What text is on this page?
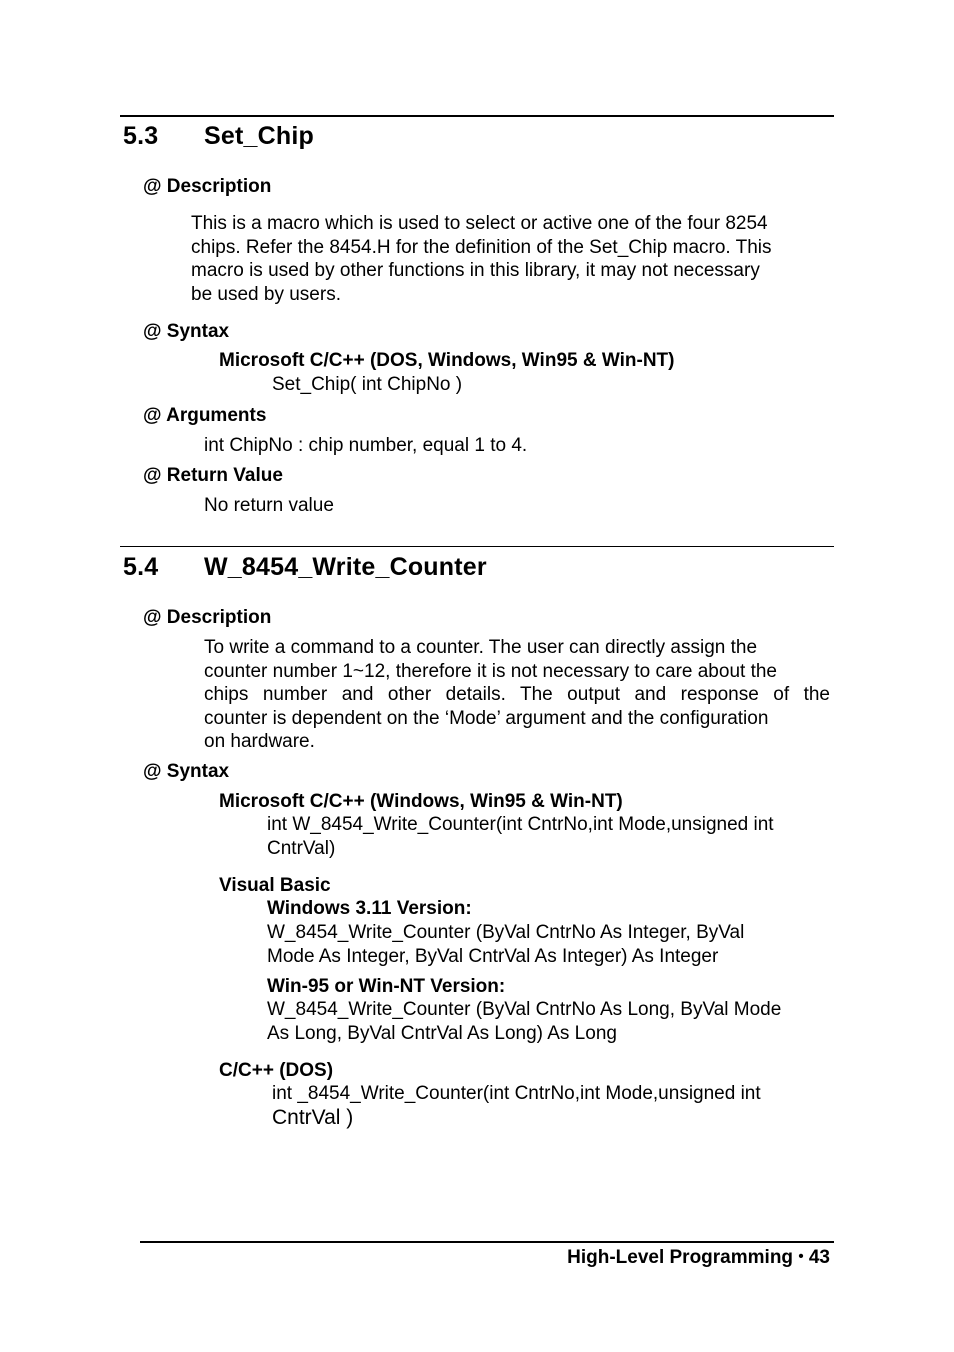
5.3 Set_Chip
@ Description
This is a macro which is used to select or active one of the four 8254
chips. Refer the 8454.H for the definition of the Set_Chip macro. This
macro is used by other functions in this library, it may not necessary
be used by users.
@ Syntax
Microsoft C/C++ (DOS, Windows, Win95 & Win-NT)
Set_Chip( int ChipNo )
@ Arguments
int ChipNo : chip number, equal 1 to 4.
@ Return Value
No return value
5.4 W_8454_Write_Counter
@ Description
To write a command to a counter. The user can directly assign the
counter number 1~12, therefore it is not necessary to care about the
chips number and other details. The output and response of the
counter is dependent on the ‘Mode’ argument and the configuration
on hardware.
@ Syntax
Microsoft C/C++ (Windows, Win95 & Win-NT)
int W_8454_Write_Counter(int CntrNo,int Mode,unsigned int
CntrVal)
Visual Basic
Windows 3.11 Version:
W_8454_Write_Counter (ByVal CntrNo As Integer, ByVal
Mode As Integer, ByVal CntrVal As Integer) As Integer
Win-95 or Win-NT Version:
W_8454_Write_Counter (ByVal CntrNo As Long, ByVal Mode
As Long, ByVal CntrVal As Long) As Long
C/C++ (DOS)
int _8454_Write_Counter(int CntrNo,int Mode,unsigned int
CntrVal )
High-Level Programming • 43
